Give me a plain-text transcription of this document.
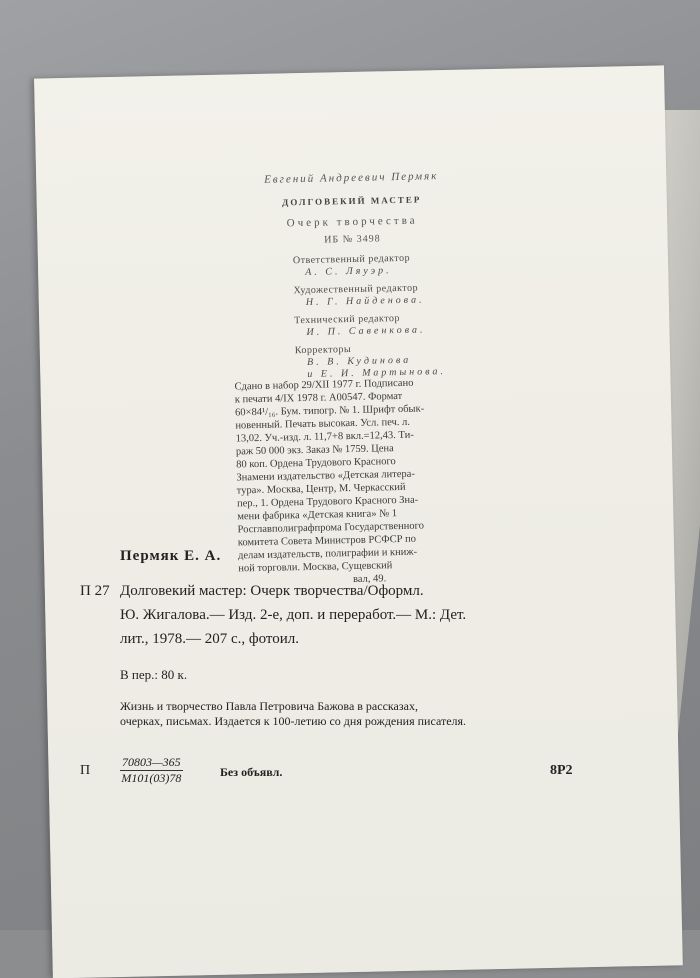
Евгений Андреевич Пермяк
ДОЛГОВЕКИЙ МАСТЕР
Очерк творчества
ИБ № 3498
Ответственный редактор
А. С. Ляуэр.
Художественный редактор
Н. Г. Найденова.
Технический редактор
И. П. Савенкова.
Корректоры
В. В. Кудинова
и Е. И. Мартынова.
Сдано в набор 29/XII 1977 г. Подписано
к печати 4/IX 1978 г. А00547. Формат
60×84¹/₁₆. Бум. типогр. № 1. Шрифт обык-
новенный. Печать высокая. Усл. печ. л.
13,02. Уч.-изд. л. 11,7+8 вкл.=12,43. Ти-
раж 50 000 экз. Заказ № 1759. Цена
80 коп. Ордена Трудового Красного
Знамени издательство «Детская литера-
тура». Москва, Центр, М. Черкасский
пер., 1. Ордена Трудового Красного Зна-
мени фабрика «Детская книга» № 1
Росглавполиграфпрома Государственного
комитета Совета Министров РСФСР по
делам издательств, полиграфии и книж-
ной торговли. Москва, Сущевский
вал, 49.
Пермяк Е. А.
П 27 Долговекий мастер: Очерк творчества/Оформл.
Ю. Жигалова.— Изд. 2-е, доп. и переработ.— М.: Дет.
лит., 1978.— 207 с., фотоил.
В пер.: 80 к.
Жизнь и творчество Павла Петровича Бажова в рассказах,
очерках, письмах. Издается к 100-летию со дня рождения писателя.
П
70803—365
М101(03)78	Без объявл.	8Р2
